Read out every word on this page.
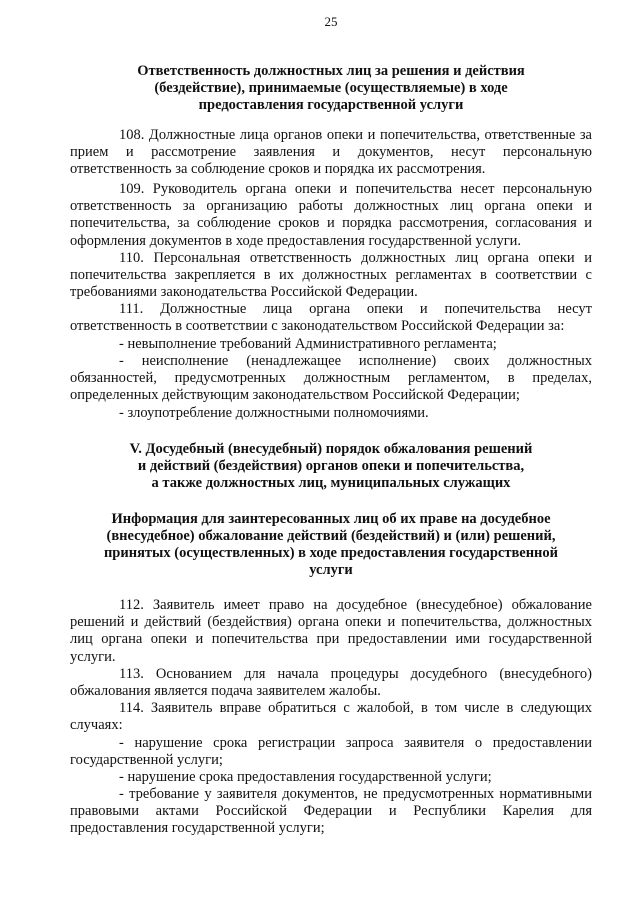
25
Ответственность должностных лиц за решения и действия
(бездействие), принимаемые (осуществляемые) в ходе
предоставления государственной услуги
108. Должностные лица органов опеки и попечительства, ответственные за прием и рассмотрение заявления и документов, несут персональную ответственность за соблюдение сроков и порядка их рассмотрения.
109. Руководитель органа опеки и попечительства несет персональную ответственность за организацию работы должностных лиц органа опеки и попечительства, за соблюдение сроков и порядка рассмотрения, согласования и оформления документов в ходе предоставления государственной услуги.
110. Персональная ответственность должностных лиц органа опеки и попечительства закрепляется в их должностных регламентах в соответствии с требованиями законодательства Российской Федерации.
111. Должностные лица органа опеки и попечительства несут ответственность в соответствии с законодательством Российской Федерации за:
- невыполнение требований Административного регламента;
- неисполнение (ненадлежащее исполнение) своих должностных обязанностей, предусмотренных должностным регламентом, в пределах, определенных действующим законодательством Российской Федерации;
- злоупотребление должностными полномочиями.
V. Досудебный (внесудебный) порядок обжалования решений
и действий (бездействия) органов опеки и попечительства,
а также должностных лиц, муниципальных служащих
Информация для заинтересованных лиц об их праве на досудебное
(внесудебное) обжалование действий (бездействий) и (или) решений,
принятых (осуществленных) в ходе предоставления государственной
услуги
112. Заявитель имеет право на досудебное (внесудебное) обжалование решений и действий (бездействия) органа опеки и попечительства, должностных лиц органа опеки и попечительства при предоставлении ими государственной услуги.
113. Основанием для начала процедуры досудебного (внесудебного) обжалования является подача заявителем жалобы.
114. Заявитель вправе обратиться с жалобой, в том числе в следующих случаях:
- нарушение срока регистрации запроса заявителя о предоставлении государственной услуги;
- нарушение срока предоставления государственной услуги;
- требование у заявителя документов, не предусмотренных нормативными правовыми актами Российской Федерации и Республики Карелия для предоставления государственной услуги;
